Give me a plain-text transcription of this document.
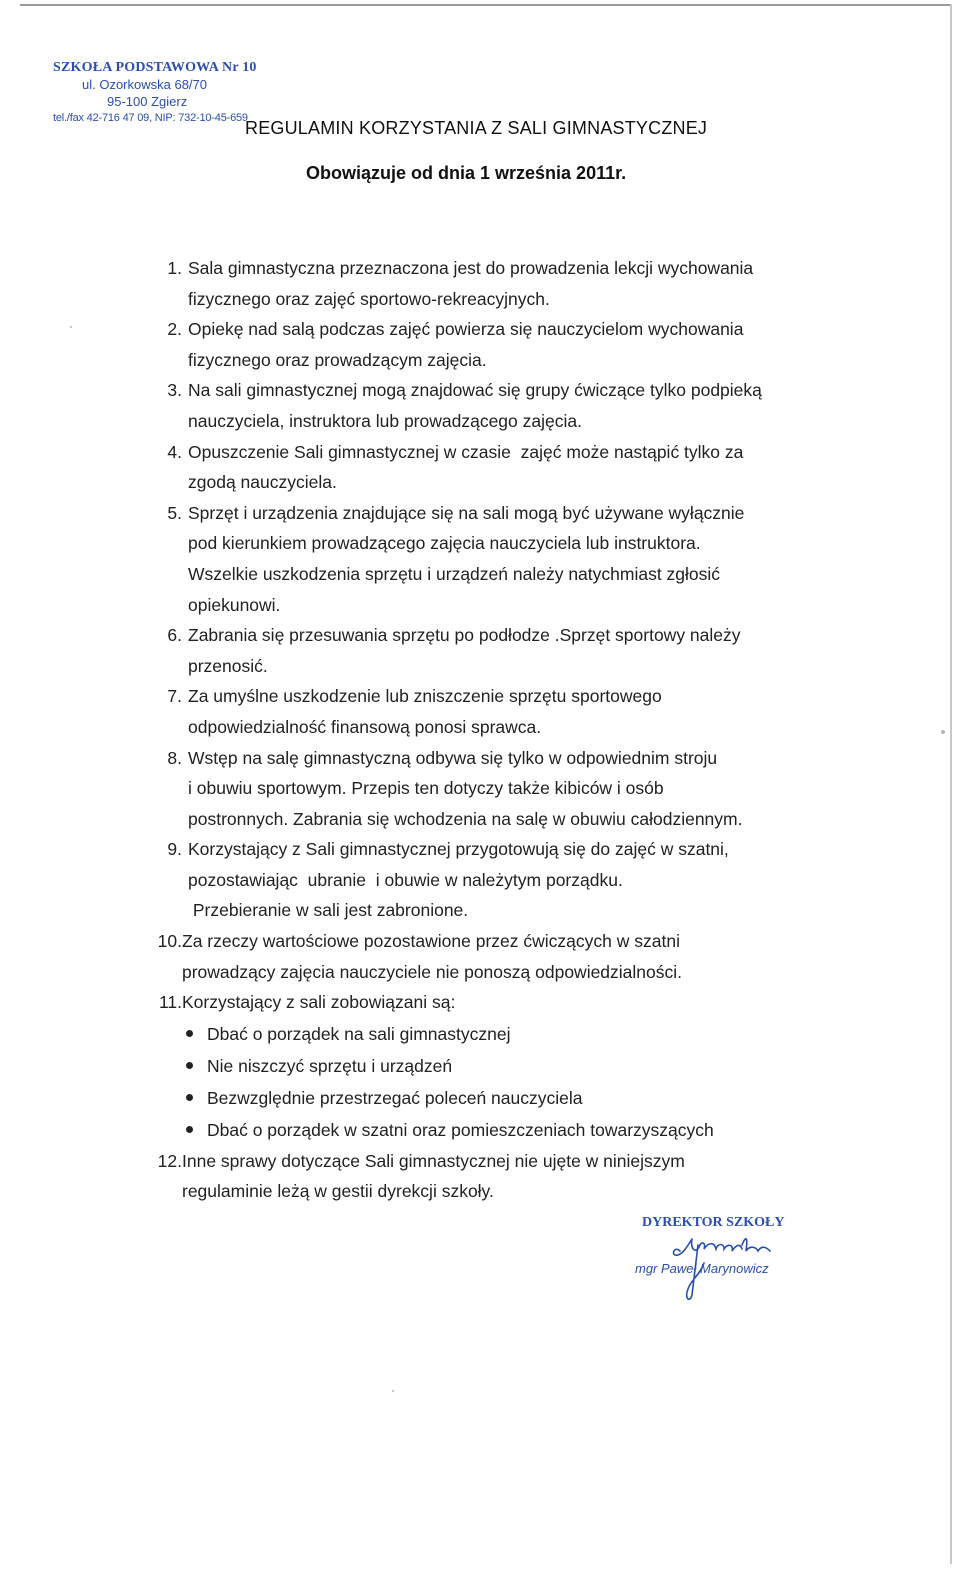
SZKOŁA PODSTAWOWA Nr 10
ul. Ozorkowska 68/70
95-100 Zgierz
tel./fax 42-716 47 09, NIP: 732-10-45-659
REGULAMIN KORZYSTANIA Z SALI GIMNASTYCZNEJ
Obowiązuje od dnia 1 września 2011r.
1. Sala gimnastyczna przeznaczona jest do prowadzenia lekcji wychowania

fizycznego oraz zajęć sportowo-rekreacyjnych.

2. Opiekę nad salą podczas zajęć powierza się nauczycielom wychowania

fizycznego oraz prowadzącym zajęcia.

3. Na sali gimnastycznej mogą znajdować się grupy ćwiczące tylko podpieką

nauczyciela, instruktora lub prowadzącego zajęcia.

4. Opuszczenie Sali gimnastycznej w czasie  zajęć może nastąpić tylko za

zgodą nauczyciela.

5. Sprzęt i urządzenia znajdujące się na sali mogą być używane wyłącznie

pod kierunkiem prowadzącego zajęcia nauczyciela lub instruktora.

Wszelkie uszkodzenia sprzętu i urządzeń należy natychmiast zgłosić

opiekunowi.

6. Zabrania się przesuwania sprzętu po podłodze .Sprzęt sportowy należy

przenosić.

7. Za umyślne uszkodzenie lub zniszczenie sprzętu sportowego

odpowiedzialność finansową ponosi sprawca.

8. Wstęp na salę gimnastyczną odbywa się tylko w odpowiednim stroju

i obuwiu sportowym. Przepis ten dotyczy także kibiców i osób

postronnych. Zabrania się wchodzenia na salę w obuwiu całodziennym.

9. Korzystający z Sali gimnastycznej przygotowują się do zajęć w szatni,

pozostawiając  ubranie  i obuwie w należytym porządku.

Przebieranie w sali jest zabronione.

10. Za rzeczy wartościowe pozostawione przez ćwiczących w szatni

prowadzący zajęcia nauczyciele nie ponoszą odpowiedzialności.

11. Korzystający z sali zobowiązani są:

Dbać o porządek na sali gimnastycznej
Nie niszczyć sprzętu i urządzeń
Bezwzględnie przestrzegać poleceń nauczyciela
Dbać o porządek w szatni oraz pomieszczeniach towarzyszących
12. Inne sprawy dotyczące Sali gimnastycznej nie ujęte w niniejszym

regulaminie leżą w gestii dyrekcji szkoły.

DYREKTOR SZKOŁY
mgr Paweł Marynowicz
